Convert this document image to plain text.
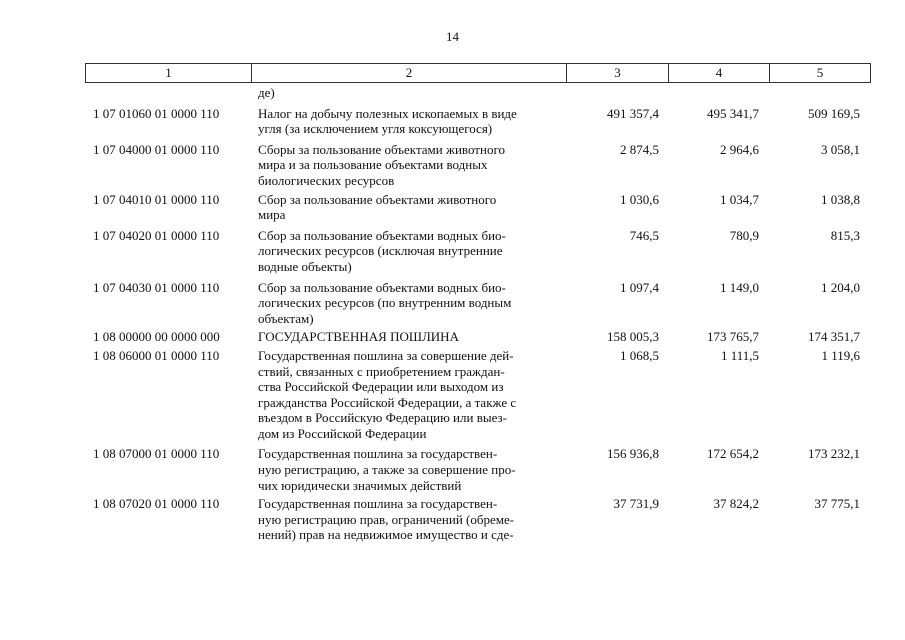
14
1	2	3	4	5
де)
1 07 01060 01 0000 110	Налог на добычу полезных ископаемых в виде
угля (за исключением угля коксующегося)
491 357,4	495 341,7	509 169,5
1 07 04000 01 0000 110	Сборы за пользование объектами животного
мира и за пользование объектами водных
биологических ресурсов
2 874,5	2 964,6	3 058,1
1 07 04010 01 0000 110	Сбор за пользование объектами животного
мира
1 030,6	1 034,7	1 038,8
1 07 04020 01 0000 110	Сбор за пользование объектами водных био-
логических ресурсов (исключая внутренние
водные объекты)
746,5	780,9	815,3
1 07 04030 01 0000 110	Сбор за пользование объектами водных био-
логических ресурсов (по внутренним водным
объектам)
1 097,4	1 149,0	1 204,0
1 08 00000 00 0000 000	ГОСУДАРСТВЕННАЯ ПОШЛИНА	158 005,3	173 765,7	174 351,7
1 08 06000 01 0000 110	Государственная пошлина за совершение дей-
ствий, связанных с приобретением граждан-
ства Российской Федерации или выходом из
гражданства Российской Федерации, а также с
въездом в Российскую Федерацию или выез-
дом из Российской Федерации
1 068,5	1 111,5	1 119,6
1 08 07000 01 0000 110	Государственная пошлина за государствен-
ную регистрацию, а также за совершение про-
чих юридически значимых действий
156 936,8	172 654,2	173 232,1
1 08 07020 01 0000 110	Государственная пошлина за государствен-
ную регистрацию прав, ограничений (обреме-
нений) прав на недвижимое имущество и сде-
37 731,9	37 824,2	37 775,1
